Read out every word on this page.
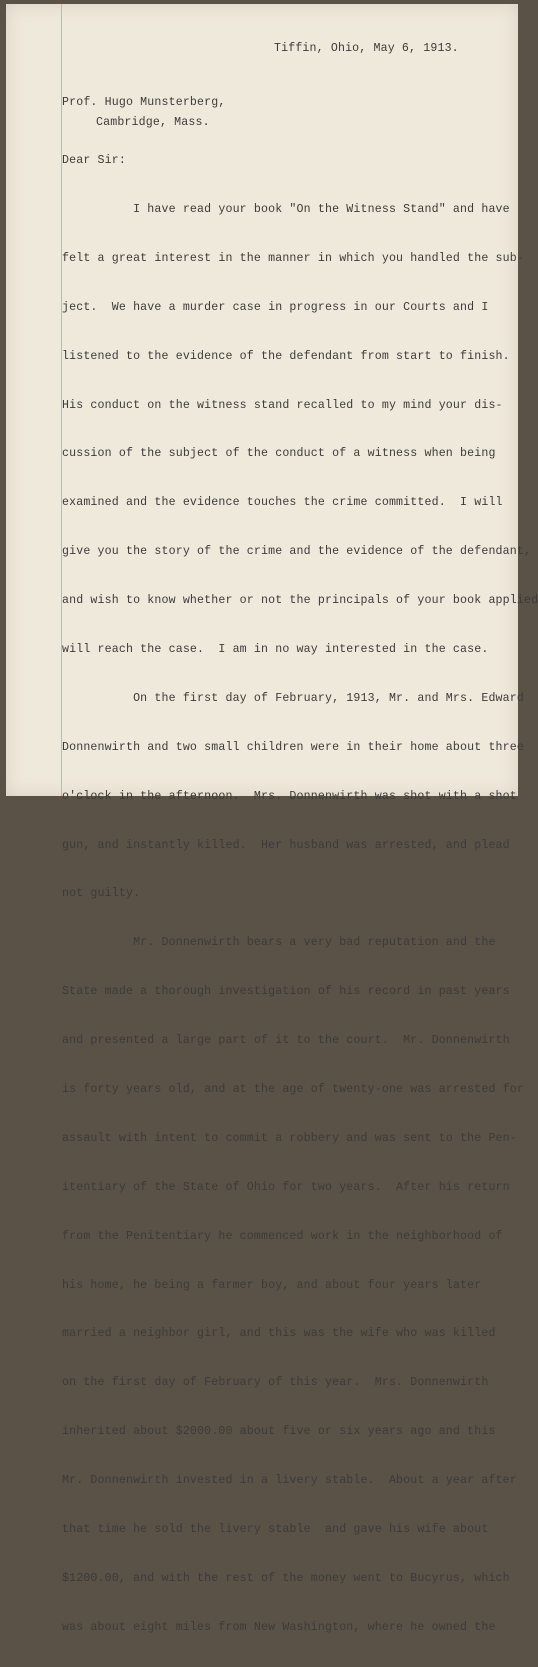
Tiffin, Ohio, May 6, 1913.
Prof. Hugo Munsterberg,
Cambridge, Mass.
Dear Sir:

I have read your book "On the Witness Stand" and have

felt a great interest in the manner in which you handled the sub-

ject.  We have a murder case in progress in our Courts and I

listened to the evidence of the defendant from start to finish.

His conduct on the witness stand recalled to my mind your dis-

cussion of the subject of the conduct of a witness when being

examined and the evidence touches the crime committed.  I will

give you the story of the crime and the evidence of the defendant,

and wish to know whether or not the principals of your book applied

will reach the case.  I am in no way interested in the case.

On the first day of February, 1913, Mr. and Mrs. Edward

Donnenwirth and two small children were in their home about three

o'clock in the afternoon.  Mrs. Donnenwirth was shot with a shot

gun, and instantly killed.  Her husband was arrested, and plead

not guilty.

Mr. Donnenwirth bears a very bad reputation and the

State made a thorough investigation of his record in past years

and presented a large part of it to the court.  Mr. Donnenwirth

is forty years old, and at the age of twenty-one was arrested for

assault with intent to commit a robbery and was sent to the Pen-

itentiary of the State of Ohio for two years.  After his return

from the Penitentiary he commenced work in the neighborhood of

his home, he being a farmer boy, and about four years later

married a neighbor girl, and this was the wife who was killed

on the first day of February of this year.  Mrs. Donnenwirth

inherited about $2000.00 about five or six years ago and this

Mr. Donnenwirth invested in a livery stable.  About a year after

that time he sold the livery stable  and gave his wife about

$1200.00, and with the rest of the money went to Bucyrus, which

was about eight miles from New Washington, where he owned the
